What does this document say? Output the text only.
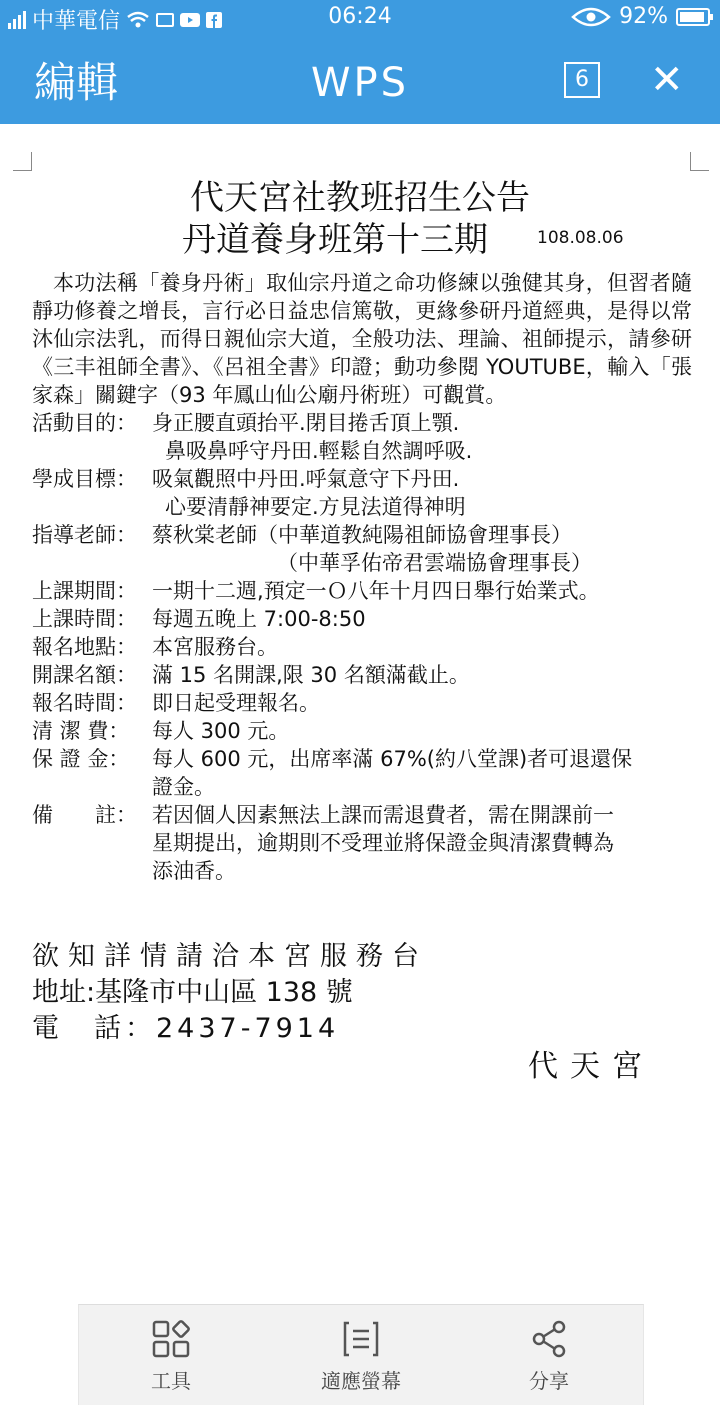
中華電信	06:24	92%
編輯	WPS	6 ✕
代天宮社教班招生公告
丹道養身班第十三期	108.08.06
本功法稱「養身丹術」取仙宗丹道之命功修練以強健其身，但習者隨靜功修養之增長，言行必日益忠信篤敬，更緣參研丹道經典，是得以常沐仙宗法乳，而得日親仙宗大道，全般功法、理論、祖師提示，請參研《三丰祖師全書》、《呂祖全書》印證；動功參閱 YOUTUBE，輸入「張家森」關鍵字（93 年鳳山仙公廟丹術班）可觀賞。
活動目的： 身正腰直頭抬平.閉目捲舌頂上顎.
鼻吸鼻呼守丹田.輕鬆自然調呼吸.
學成目標： 吸氣觀照中丹田.呼氣意守下丹田.
心要清靜神要定.方見法道得神明
指導老師： 蔡秋棠老師（中華道教純陽祖師協會理事長）
（中華孚佑帝君雲端協會理事長）
上課期間： 一期十二週,預定一Ｏ八年十月四日舉行始業式。
上課時間： 每週五晚上 7:00-8:50
報名地點： 本宮服務台。
開課名額： 滿 15 名開課,限 30 名額滿截止。
報名時間： 即日起受理報名。
清 潔 費：	每人 300 元。
保 證 金：	每人 600 元，出席率滿 67%(約八堂課)者可退還保
證金。
備　　註： 若因個人因素無法上課而需退費者，需在開課前一
星期提出，逾期則不受理並將保證金與清潔費轉為
添油香。
欲知詳情請洽本宮服務台
地址:基隆市中山區 138 號
電　話：2437-7914
代天宮
工具	適應螢幕	分享
